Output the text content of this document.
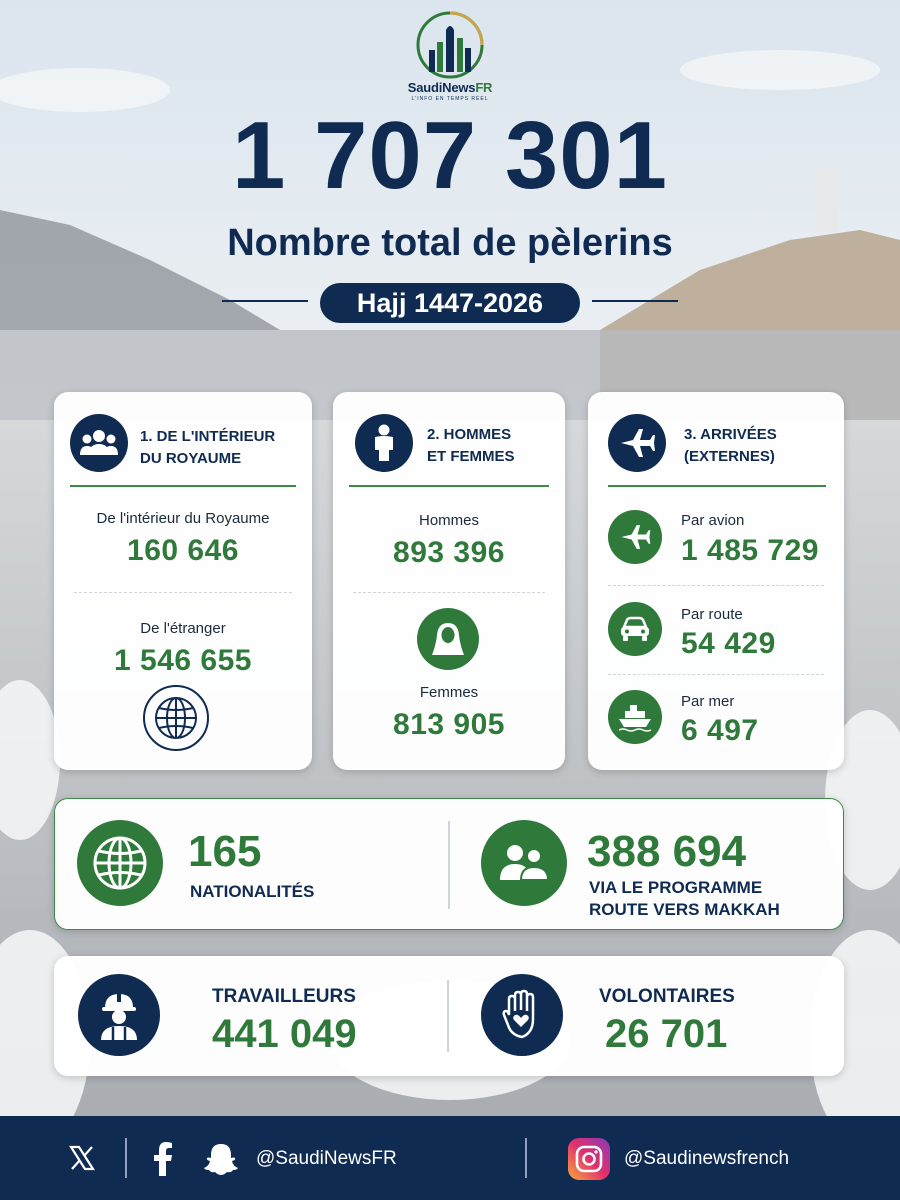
SaudiNewsFR
L'INFO EN TEMPS RÉEL
1 707 301
Nombre total de pèlerins
Hajj 1447-2026
1. DE L'INTÉRIEUR
DU ROYAUME
De l'intérieur du Royaume
160 646
De l'étranger
1 546 655
2. HOMMES
ET FEMMES
Hommes
893 396
Femmes
813 905
3. ARRIVÉES
(EXTERNES)
Par avion
1 485 729
Par route
54 429
Par mer
6 497
165
NATIONALITÉS
388 694
VIA LE PROGRAMME
ROUTE VERS MAKKAH
TRAVAILLEURS
441 049
VOLONTAIRES
26 701
@SaudiNewsFR	@Saudinewsfrench
